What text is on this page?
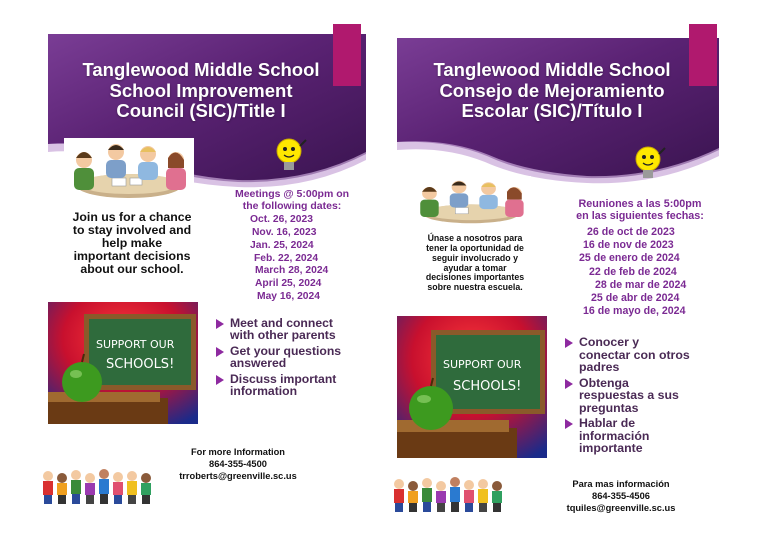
Tanglewood Middle School
School Improvement
Council (SIC)/Title I
Join us for a chance
to stay involved and
help make
important decisions
about our school.
Meetings @ 5:00pm on
the following dates:
Oct. 26, 2023
Nov. 16, 2023
Jan. 25, 2024
Feb. 22, 2024
March 28, 2024
April 25, 2024
May 16, 2024
SUPPORT OUR
SCHOOLS!
Meet and connect
with other parents
Get your questions
answered
Discuss important
information
For more Information
864-355-4500
trroberts@greenville.sc.us
Tanglewood Middle School
Consejo de Mejoramiento
Escolar (SIC)/Título I
Únase a nosotros para
tener la oportunidad de
seguir involucrado y
ayudar a tomar
decisiones importantes
sobre nuestra escuela.
Reuniones a las 5:00pm
en las siguientes fechas:
26 de oct de 2023
16 de nov de 2023
25 de enero de 2024
22 de feb de 2024
28 de mar de 2024
25 de abr de 2024
16 de mayo de, 2024
SUPPORT OUR
SCHOOLS!
Conocer y
conectar con otros
padres
Obtenga
respuestas a sus
preguntas
Hablar de
información
importante
Para mas información
864-355-4506
tquiles@greenville.sc.us
